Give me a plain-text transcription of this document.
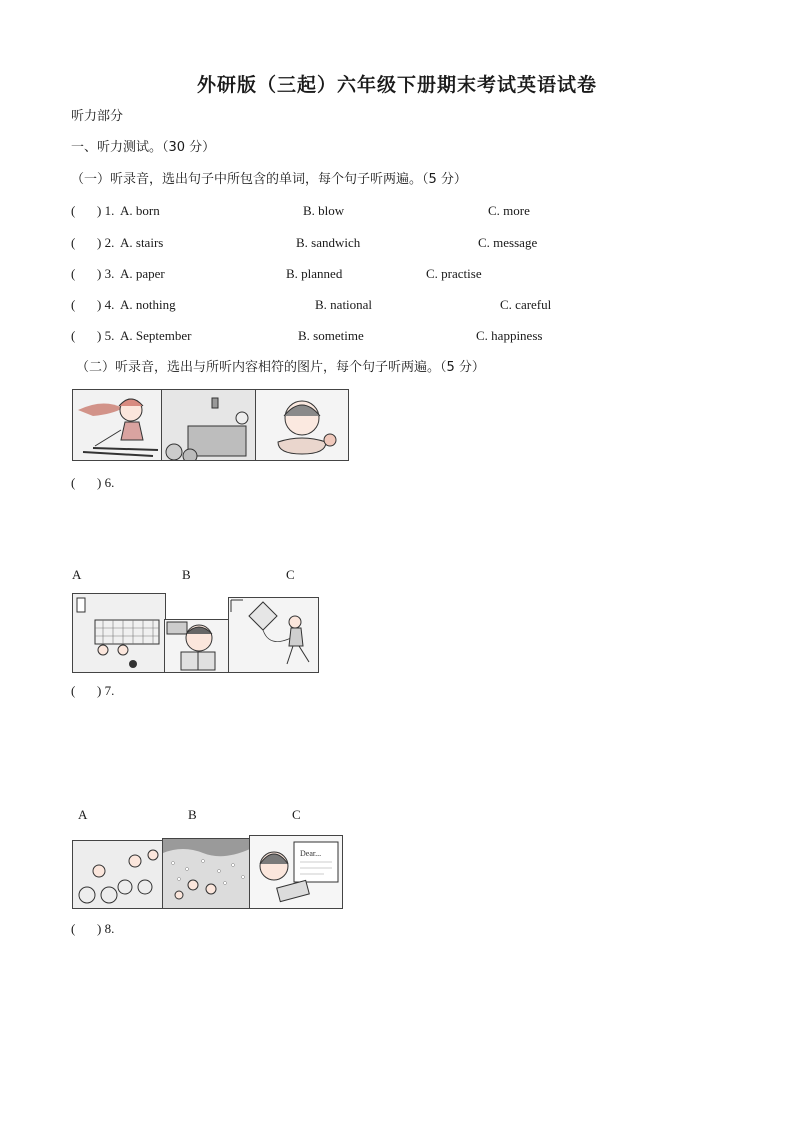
外研版（三起）六年级下册期末考试英语试卷
听力部分
一、听力测试。（30 分）
（一）听录音，选出句子中所包含的单词，每个句子听两遍。（5 分）
( ) 1. A. born	B. blow	C. more
( ) 2. A. stairs	B. sandwich	C. message
( ) 3. A. paper	B. planned	C. practise
( ) 4. A. nothing	B. national	C. careful
( ) 5. A. September	B. sometime	C. happiness
（二）听录音，选出与所听内容相符的图片，每个句子听两遍。（5 分）
( ) 6.
A	B	C
( ) 7.
A	B	C
Dear...
( ) 8.
